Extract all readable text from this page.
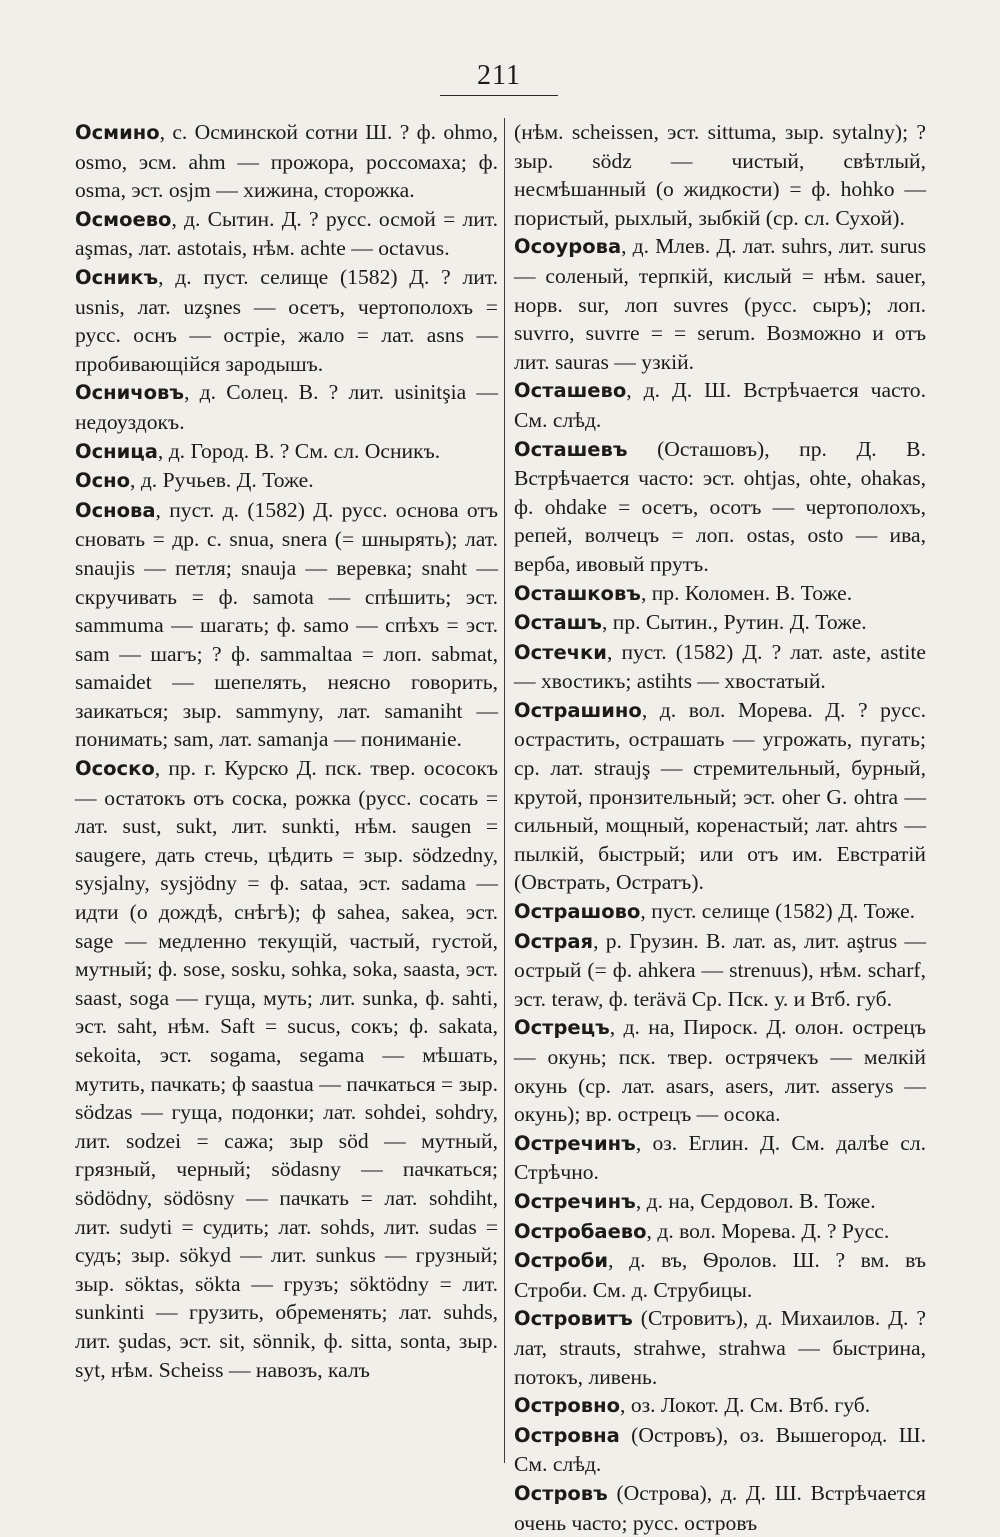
211

Осмино, с. Осминской сотни Ш. ? ф. ohmo, osmo, эсм. ahm — прожора, россомаха; ф. osma, эст. osjm — хижина, сторожка.

Осмоево, д. Сытин. Д. ? русс. осмой = лит. aşmas, лат. astotais, нѣм. achte — octavus.

Осникъ, д. пуст. селище (1582) Д. ? лит. usnis, лат. uzşnes — осетъ, чертополохъ = русс. оснъ — остріе, жало = лат. asns — пробивающійся зародышъ.

Осничовъ, д. Солец. В. ? лит. usinitşia — недоуздокъ.

Осница, д. Город. В. ? См. сл. Осникъ.

Осно, д. Ручьев. Д. Тоже.

Основа, пуст. д. (1582) Д. русс. основа отъ сновать = др. с. snua, snera (= шнырять); лат. snaujis — петля; snauja — веревка; snaht — скручивать = ф. samota — спѣшить; эст. sammuma — шагать; ф. samo — спѣхъ = эст. sam — шагъ; ? ф. sammaltaa = лоп. sabmat, samaidet — шепелять, неясно говорить, заикаться; зыр. sammyny, лат. samaniht — понимать; sam, лат. samanja — пониманіе.

Ососко, пр. г. Курско Д. пск. твер. ососокъ — остатокъ отъ соска, рожка (русс. сосать = лат. sust, sukt, лит. sunkti, нѣм. saugen = saugere, дать стечь, цѣдить = зыр. södzedny, sysjalny, sysjödny = ф. sataa, эст. sadama — идти (о дождѣ, снѣгѣ); ф sahea, sakea, эст. sage — медленно текущій, частый, густой, мутный; ф. sose, sosku, sohka, soka, saasta, эст. saast, soga — гуща, муть; лит. sunka, ф. sahti, эст. saht, нѣм. Saft = sucus, сокъ; ф. sakata, sekoita, эст. sogama, segama — мѣшать, мутить, пачкать; ф saastua — пачкаться = зыр. södzas — гуща, подонки; лат. sohdei, sohdry, лит. sodzei = сажа; зыр söd — мутный, грязный, черный; södasny — пачкаться; södödny, södösny — пачкать = лат. sohdiht, лит. sudyti = судить; лат. sohds, лит. sudas = судъ; зыр. sökyd — лит. sunkus — грузный; зыр. söktas, sökta — грузъ; söktödny = лит. sunkinti — грузить, обременять; лат. suhds, лит. şudas, эст. sit, sönnik, ф. sitta, sonta, зыр. syt, нѣм. Scheiss — навозъ, калъ

(нѣм. scheissen, эст. sittuma, зыр. sytalny); ? зыр. södz — чистый, свѣтлый, несмѣшанный (о жидкости) = ф. hohko — пористый, рыхлый, зыбкій (ср. сл. Сухой).

Осоурова, д. Млев. Д. лат. suhrs, лит. surus — соленый, терпкій, кислый = нѣм. sauer, норв. sur, лоп suvres (русс. сыръ); лоп. suvrro, suvrre = = serum. Возможно и отъ лит. sauras — узкій.

Осташево, д. Д. Ш. Встрѣчается часто. См. слѣд.

Осташевъ (Осташовъ), пр. Д. В. Встрѣчается часто: эст. ohtjas, ohte, ohakas, ф. ohdake = осетъ, осотъ — чертополохъ, репей, волчецъ = лоп. ostas, osto — ива, верба, ивовый прутъ.

Осташковъ, пр. Коломен. В. Тоже.

Осташъ, пр. Сытин., Рутин. Д. Тоже.

Остечки, пуст. (1582) Д. ? лат. aste, astite — хвостикъ; astihts — хвостатый.

Острашино, д. вол. Морева. Д. ? русс. острастить, острашать — угрожать, пугать; ср. лат. straujş — стремительный, бурный, крутой, пронзительный; эст. oher G. ohtra — сильный, мощный, коренастый; лат. ahtrs — пылкій, быстрый; или отъ им. Евстратій (Овстрать, Остратъ).

Острашово, пуст. селище (1582) Д. Тоже.

Острая, р. Грузин. В. лат. as, лит. aştrus — острый (= ф. ahkera — strenuus), нѣм. scharf, эст. teraw, ф. terävä Ср. Пск. у. и Втб. губ.

Острецъ, д. на, Пироск. Д. олон. острецъ — окунь; пск. твер. острячекъ — мелкій окунь (ср. лат. asars, asers, лит. asserys — окунь); вр. острецъ — осока.

Остречинъ, оз. Еглин. Д. См. далѣе сл. Стрѣчно.

Остречинъ, д. на, Сердовол. В. Тоже.

Остробаево, д. вол. Морева. Д. ? Русс.

Остроби, д. въ, Ѳролов. Ш. ? вм. въ Строби. См. д. Струбицы.

Островитъ (Стровитъ), д. Михаилов. Д. ? лат, strauts, strahwe, strahwa — быстрина, потокъ, ливень.

Островно, оз. Локот. Д. См. Втб. губ.

Островна (Островъ), оз. Вышегород. Ш. См. слѣд.

Островъ (Острова), д. Д. Ш. Встрѣчается очень часто; русс. островъ
